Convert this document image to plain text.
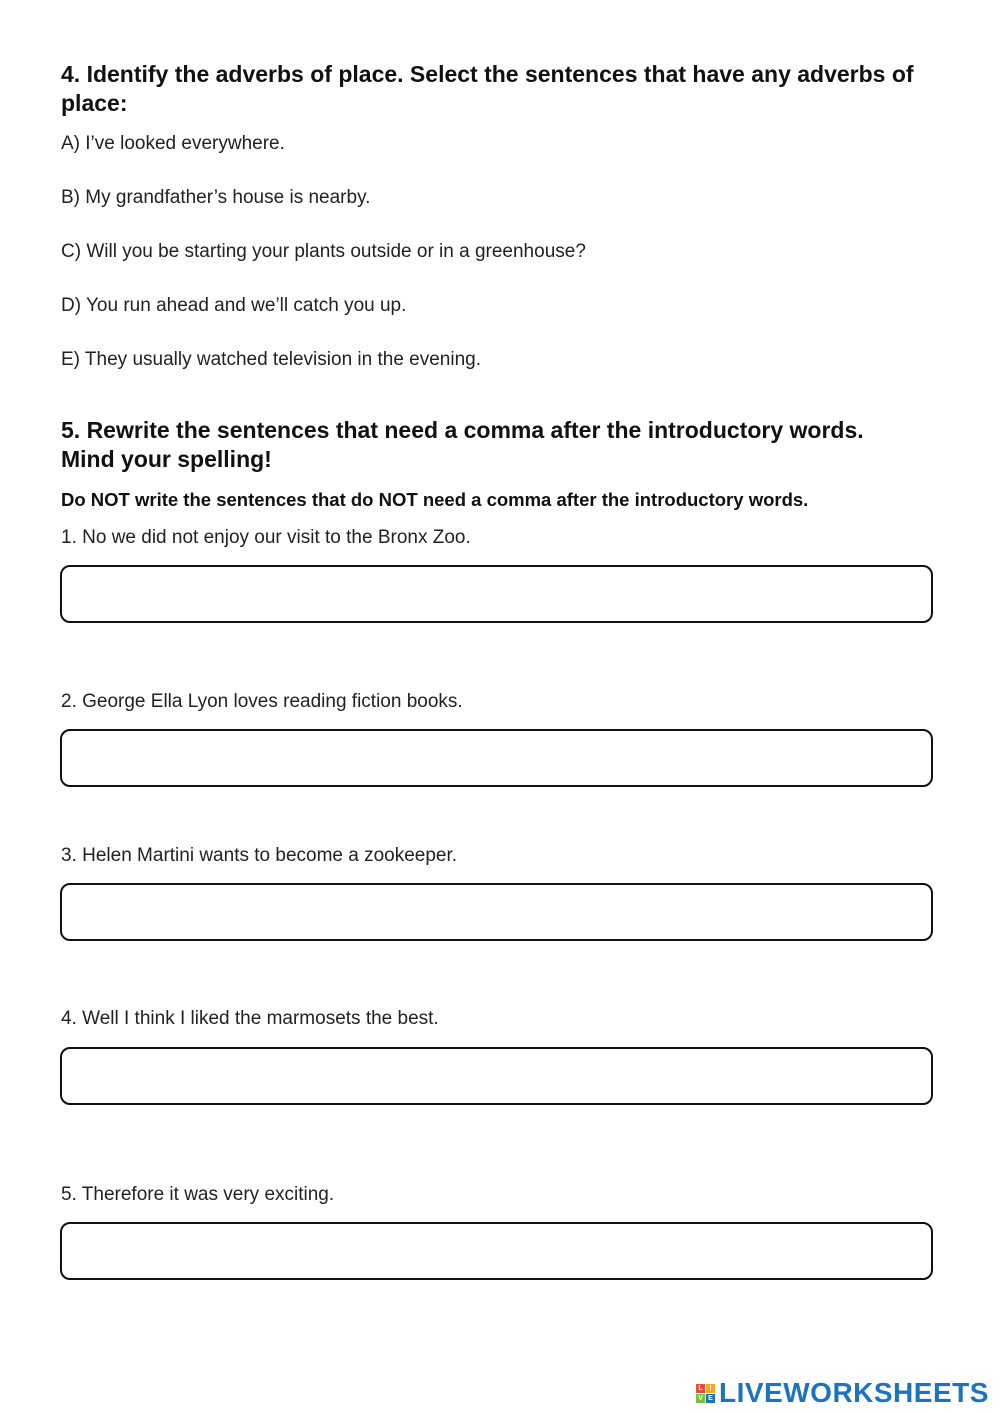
4. Identify the adverbs of place. Select the sentences that have any adverbs of place:
A) I’ve looked everywhere.
B) My grandfather’s house is nearby.
C) Will you be starting your plants outside or in a greenhouse?
D) You run ahead and we’ll catch you up.
E) They usually watched television in the evening.
5. Rewrite the sentences that need a comma after the introductory words.
Mind your spelling!
Do NOT write the sentences that do NOT need a comma after the introductory words.
1. No we did not enjoy our visit to the Bronx Zoo.
2. George Ella Lyon loves reading fiction books.
3. Helen Martini wants to become a zookeeper.
4. Well I think I liked the marmosets the best.
5. Therefore it was very exciting.
L I
V E LIVEWORKSHEETS
